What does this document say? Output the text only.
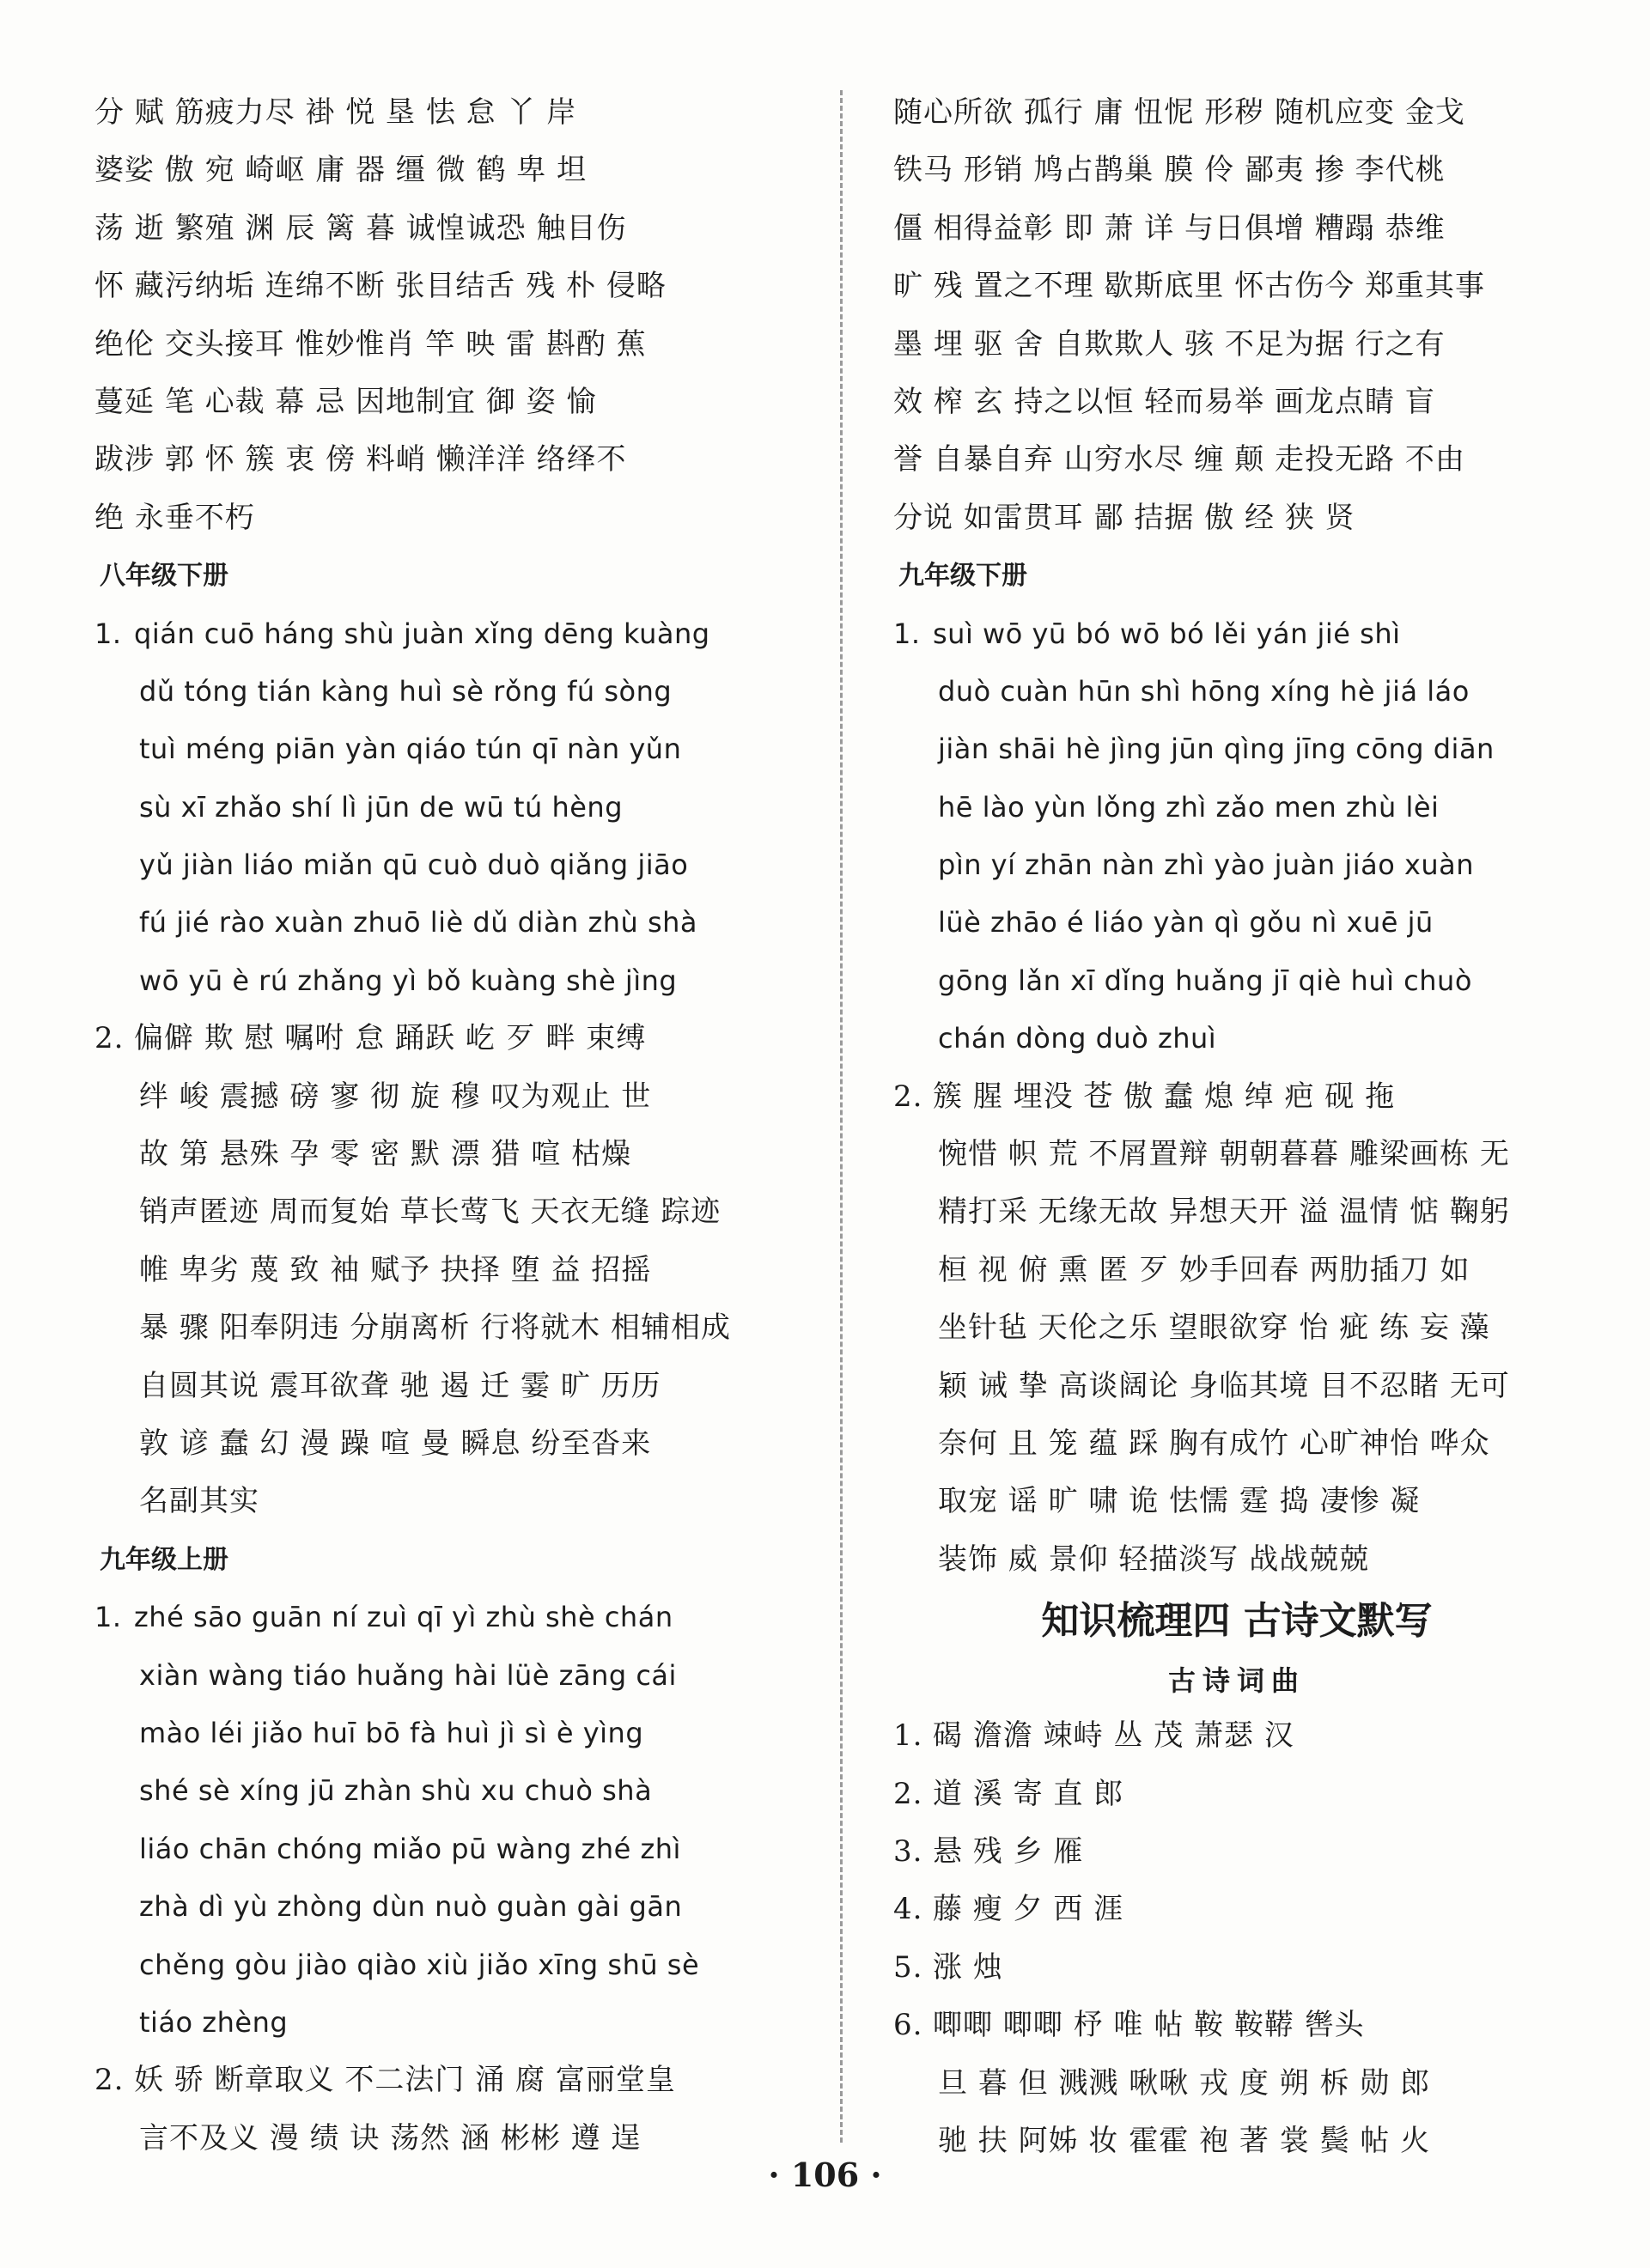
分 赋 筋疲力尽 褂 悦 垦 怯 怠 丫 岸
婆娑 傲 宛 崎岖 庸 器 缰 微 鹤 卑 坦
荡 逝 繁殖 渊 辰 篱 暮 诚惶诚恐 触目伤
怀 藏污纳垢 连绵不断 张目结舌 残 朴 侵略
绝伦 交头接耳 惟妙惟肖 竿 映 雷 斟酌 蕉
蔓延 笔 心裁 幕 忌 因地制宜 御 姿 愉
跋涉 郭 怀 簇 衷 傍 料峭 懒洋洋 络绎不
绝 永垂不朽
八年级下册
1. qián cuō háng shù juàn xǐng dēng kuàng
dǔ tóng tián kàng huì sè rǒng fú sòng
tuì méng piān yàn qiáo tún qī nàn yǔn
sù xī zhǎo shí lì jūn de wū tú hèng
yǔ jiàn liáo miǎn qū cuò duò qiǎng jiāo
fú jié rào xuàn zhuō liè dǔ diàn zhù shà
wō yū è rú zhǎng yì bǒ kuàng shè jìng
2. 偏僻 欺 慰 嘱咐 怠 踊跃 屹 歹 畔 束缚
绊 峻 震撼 磅 寥 彻 旋 穆 叹为观止 世
故 第 悬殊 孕 零 密 默 漂 猎 喧 枯燥
销声匿迹 周而复始 草长莺飞 天衣无缝 踪迹
帷 卑劣 蔑 致 袖 赋予 抉择 堕 益 招摇
暴 骤 阳奉阴违 分崩离析 行将就木 相辅相成
自圆其说 震耳欲聋 驰 遏 迁 霎 旷 历历
敦 谚 蠢 幻 漫 躁 喧 曼 瞬息 纷至沓来
名副其实
九年级上册
1. zhé sāo guān ní zuì qī yì zhù shè chán
xiàn wàng tiáo huǎng hài lüè zāng cái
mào léi jiǎo huī bō fà huì jì sì è yìng
shé sè xíng jū zhàn shù xu chuò shà
liáo chān chóng miǎo pū wàng zhé zhì
zhà dì yù zhòng dùn nuò guàn gài gān
chěng gòu jiào qiào xiù jiǎo xīng shū sè
tiáo zhèng
2. 妖 骄 断章取义 不二法门 涌 腐 富丽堂皇
言不及义 漫 绩 诀 荡然 涵 彬彬 遵 逞
随心所欲 孤行 庸 忸怩 形秽 随机应变 金戈
铁马 形销 鸠占鹊巢 膜 伶 鄙夷 掺 李代桃
僵 相得益彰 即 萧 详 与日俱增 糟蹋 恭维
旷 残 置之不理 歇斯底里 怀古伤今 郑重其事
墨 埋 驱 舍 自欺欺人 骇 不足为据 行之有
效 榨 玄 持之以恒 轻而易举 画龙点睛 盲
誉 自暴自弃 山穷水尽 缠 颠 走投无路 不由
分说 如雷贯耳 鄙 拮据 傲 经 狭 贤
九年级下册
1. suì wō yū bó wō bó lěi yán jié shì
duò cuàn hūn shì hōng xíng hè jiá láo
jiàn shāi hè jìng jūn qìng jīng cōng diān
hē lào yùn lǒng zhì zǎo men zhù lèi
pìn yí zhān nàn zhì yào juàn jiáo xuàn
lüè zhāo é liáo yàn qì gǒu nì xuē jū
gōng lǎn xī dǐng huǎng jī qiè huì chuò
chán dòng duò zhuì
2. 簇 腥 埋没 苍 傲 蠢 熄 绰 疤 砚 拖
惋惜 帜 荒 不屑置辩 朝朝暮暮 雕梁画栋 无
精打采 无缘无故 异想天开 溢 温情 惦 鞠躬
桓 视 俯 熏 匿 歹 妙手回春 两肋插刀 如
坐针毡 天伦之乐 望眼欲穿 怡 疵 练 妄 藻
颖 诫 挚 高谈阔论 身临其境 目不忍睹 无可
奈何 且 笼 蕴 踩 胸有成竹 心旷神怡 哗众
取宠 谣 旷 啸 诡 怯懦 霆 捣 凄惨 凝
装饰 威 景仰 轻描淡写 战战兢兢
知识梳理四 古诗文默写
古诗词曲
1. 碣 澹澹 竦峙 丛 茂 萧瑟 汉
2. 道 溪 寄 直 郎
3. 悬 残 乡 雁
4. 藤 瘦 夕 西 涯
5. 涨 烛
6. 唧唧 唧唧 杼 唯 帖 鞍 鞍鞯 辔头
旦 暮 但 溅溅 啾啾 戎 度 朔 柝 勋 郎
驰 扶 阿姊 妆 霍霍 袍 著 裳 鬓 帖 火
· 106 ·
